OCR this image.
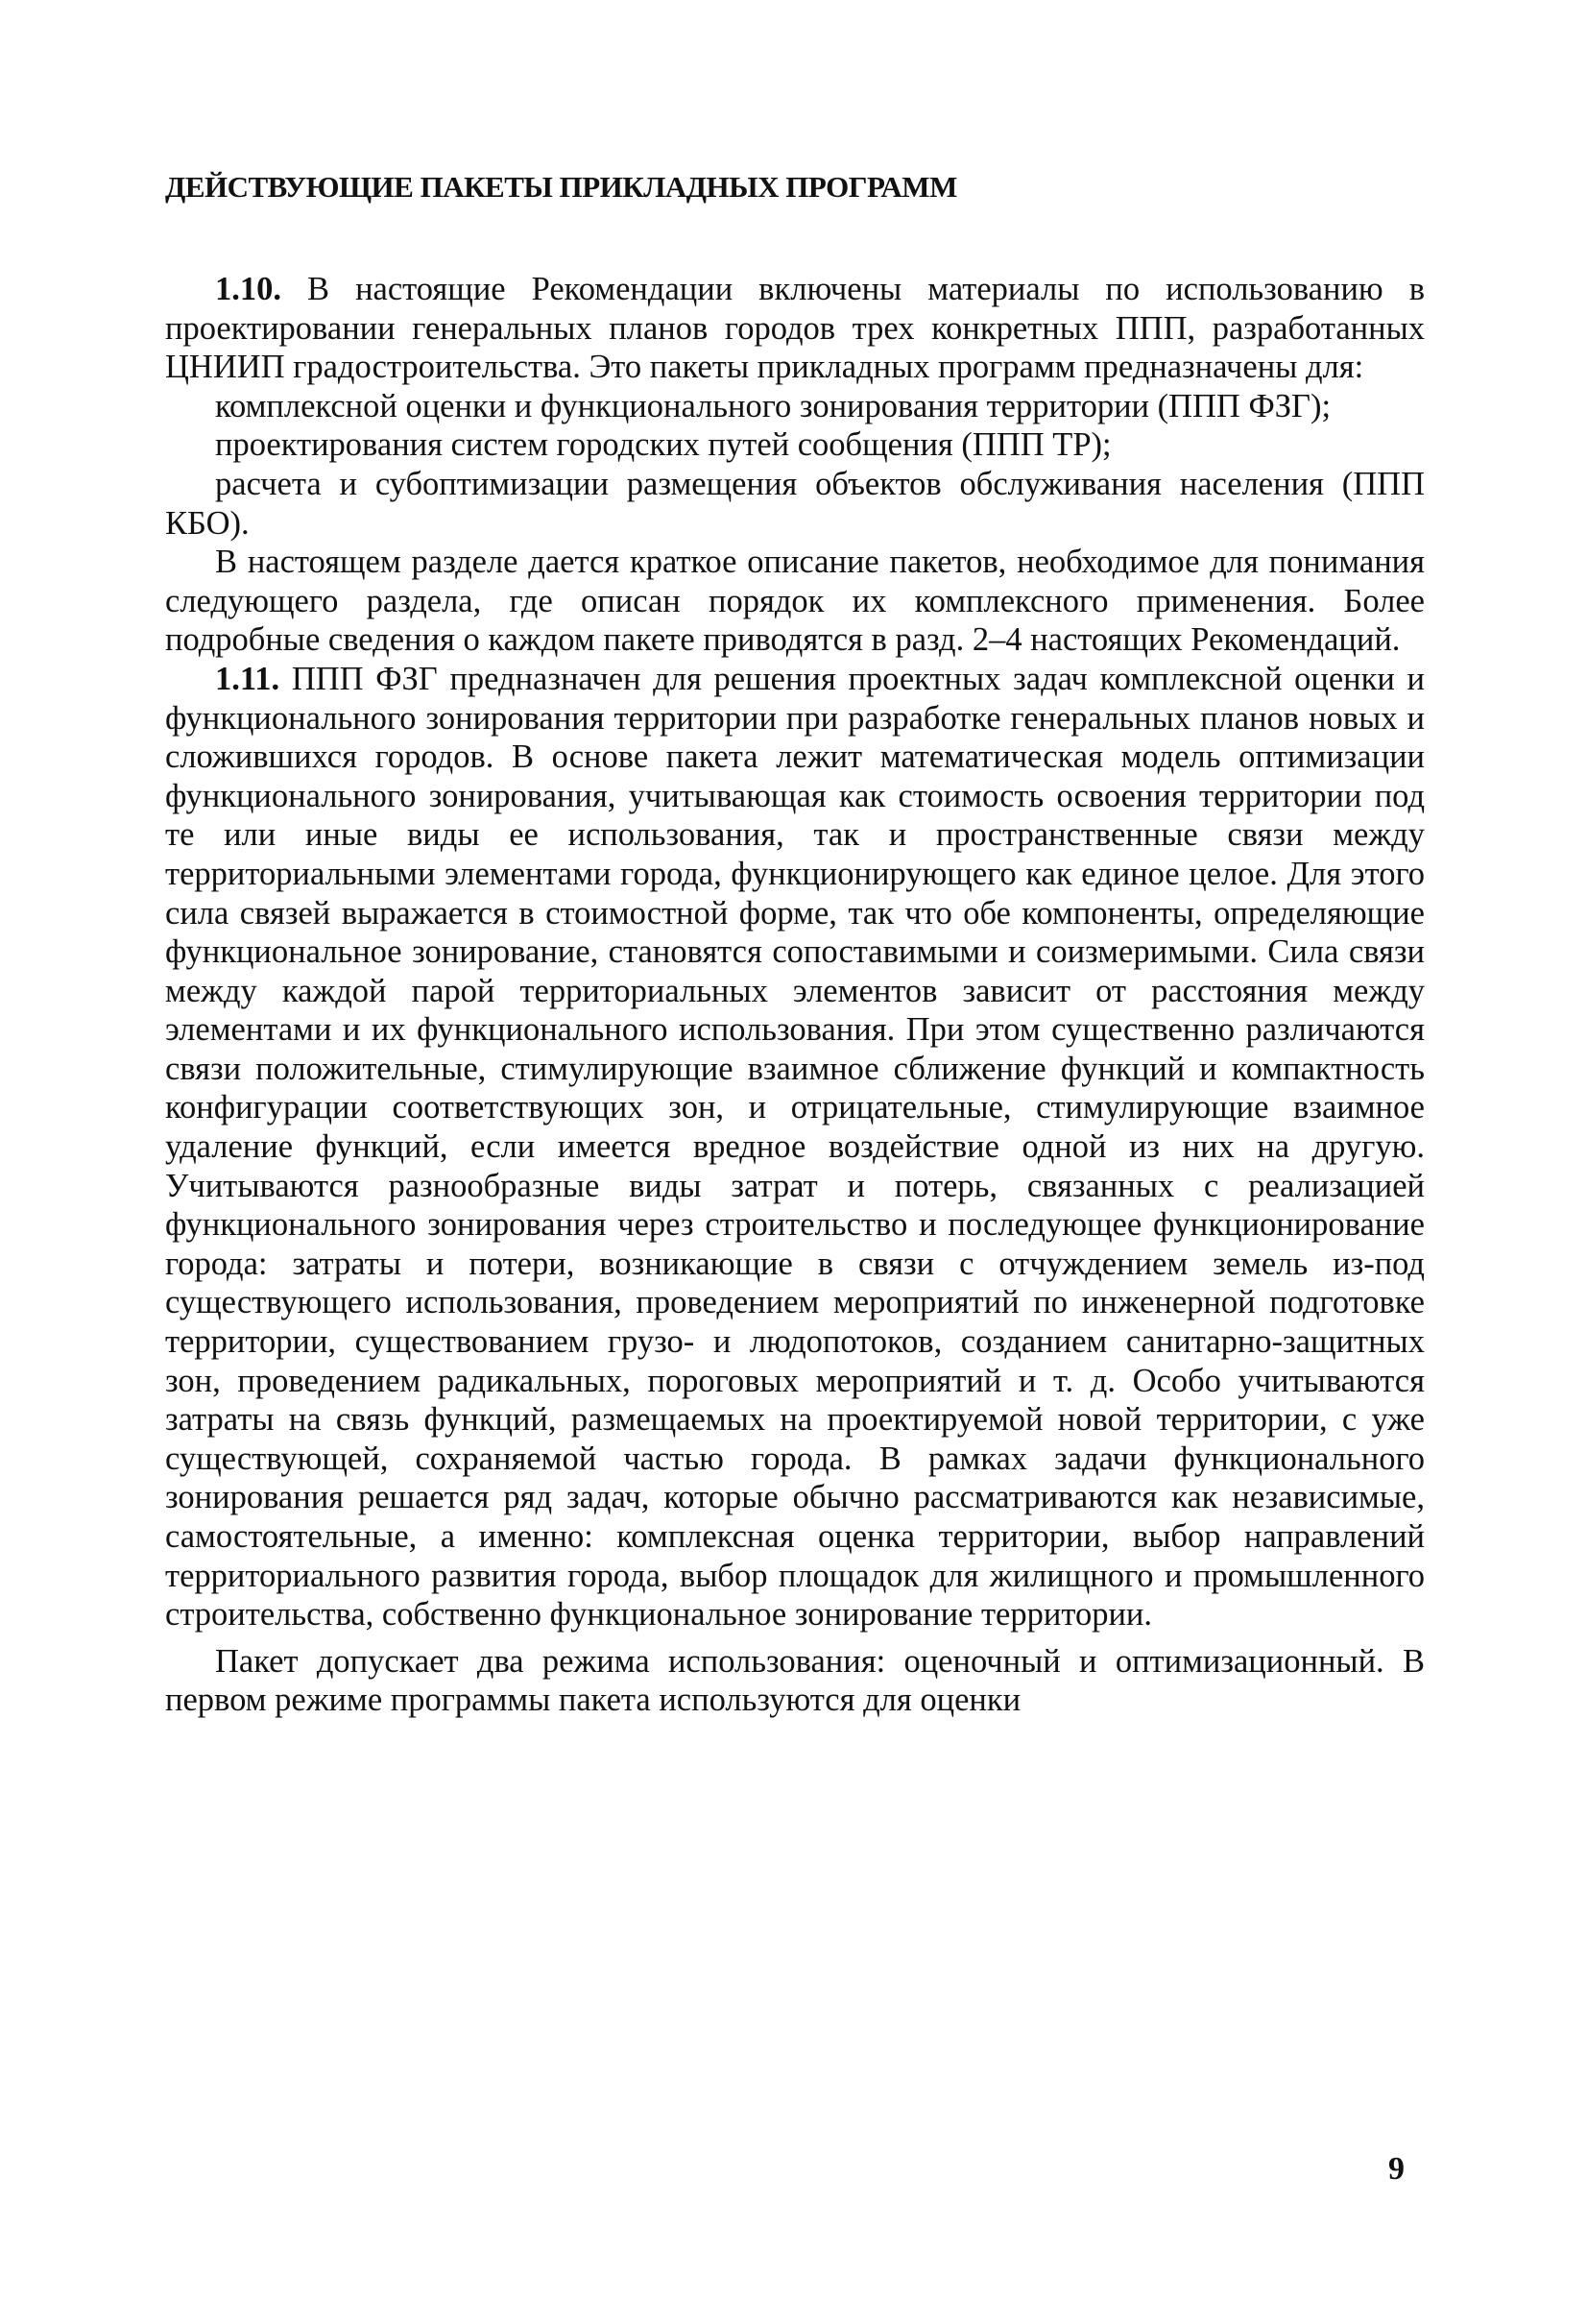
ДЕЙСТВУЮЩИЕ ПАКЕТЫ ПРИКЛАДНЫХ ПРОГРАММ

1.10. В настоящие Рекомендации включены материалы по использованию в проектировании генеральных планов городов трех конкретных ППП, разработанных ЦНИИП градостроительства. Это пакеты прикладных программ предназначены для:

комплексной оценки и функционального зонирования территории (ППП ФЗГ);

проектирования систем городских путей сообщения (ППП ТР);

расчета и субоптимизации размещения объектов обслуживания населения (ППП КБО).

В настоящем разделе дается краткое описание пакетов, необходимое для понимания следующего раздела, где описан порядок их комплексного применения. Более подробные сведения о каждом пакете приводятся в разд. 2–4 настоящих Рекомендаций.

1.11. ППП ФЗГ предназначен для решения проектных задач комплексной оценки и функционального зонирования территории при разработке генеральных планов новых и сложившихся городов. В основе пакета лежит математическая модель оптимизации функционального зонирования, учитывающая как стоимость освоения территории под те или иные виды ее использования, так и пространственные связи между территориальными элементами города, функционирующего как единое целое. Для этого сила связей выражается в стоимостной форме, так что обе компоненты, определяющие функциональное зонирование, становятся сопоставимыми и соизмеримыми. Сила связи между каждой парой территориальных элементов зависит от расстояния между элементами и их функционального использования. При этом существенно различаются связи положительные, стимулирующие взаимное сближение функций и компактность конфигурации соответствующих зон, и отрицательные, стимулирующие взаимное удаление функций, если имеется вредное воздействие одной из них на другую. Учитываются разнообразные виды затрат и потерь, связанных с реализацией функционального зонирования через строительство и последующее функционирование города: затраты и потери, возникающие в связи с отчуждением земель из-под существующего использования, проведением мероприятий по инженерной подготовке территории, существованием грузо- и людопотоков, созданием санитарно-защитных зон, проведением радикальных, пороговых мероприятий и т. д. Особо учитываются затраты на связь функций, размещаемых на проектируемой новой территории, с уже существующей, сохраняемой частью города. В рамках задачи функционального зонирования решается ряд задач, которые обычно рассматриваются как независимые, самостоятельные, а именно: комплексная оценка территории, выбор направлений территориального развития города, выбор площадок для жилищного и промышленного строительства, собственно функциональное зонирование территории.

Пакет допускает два режима использования: оценочный и оптимизационный. В первом режиме программы пакета используются для оценки

9
